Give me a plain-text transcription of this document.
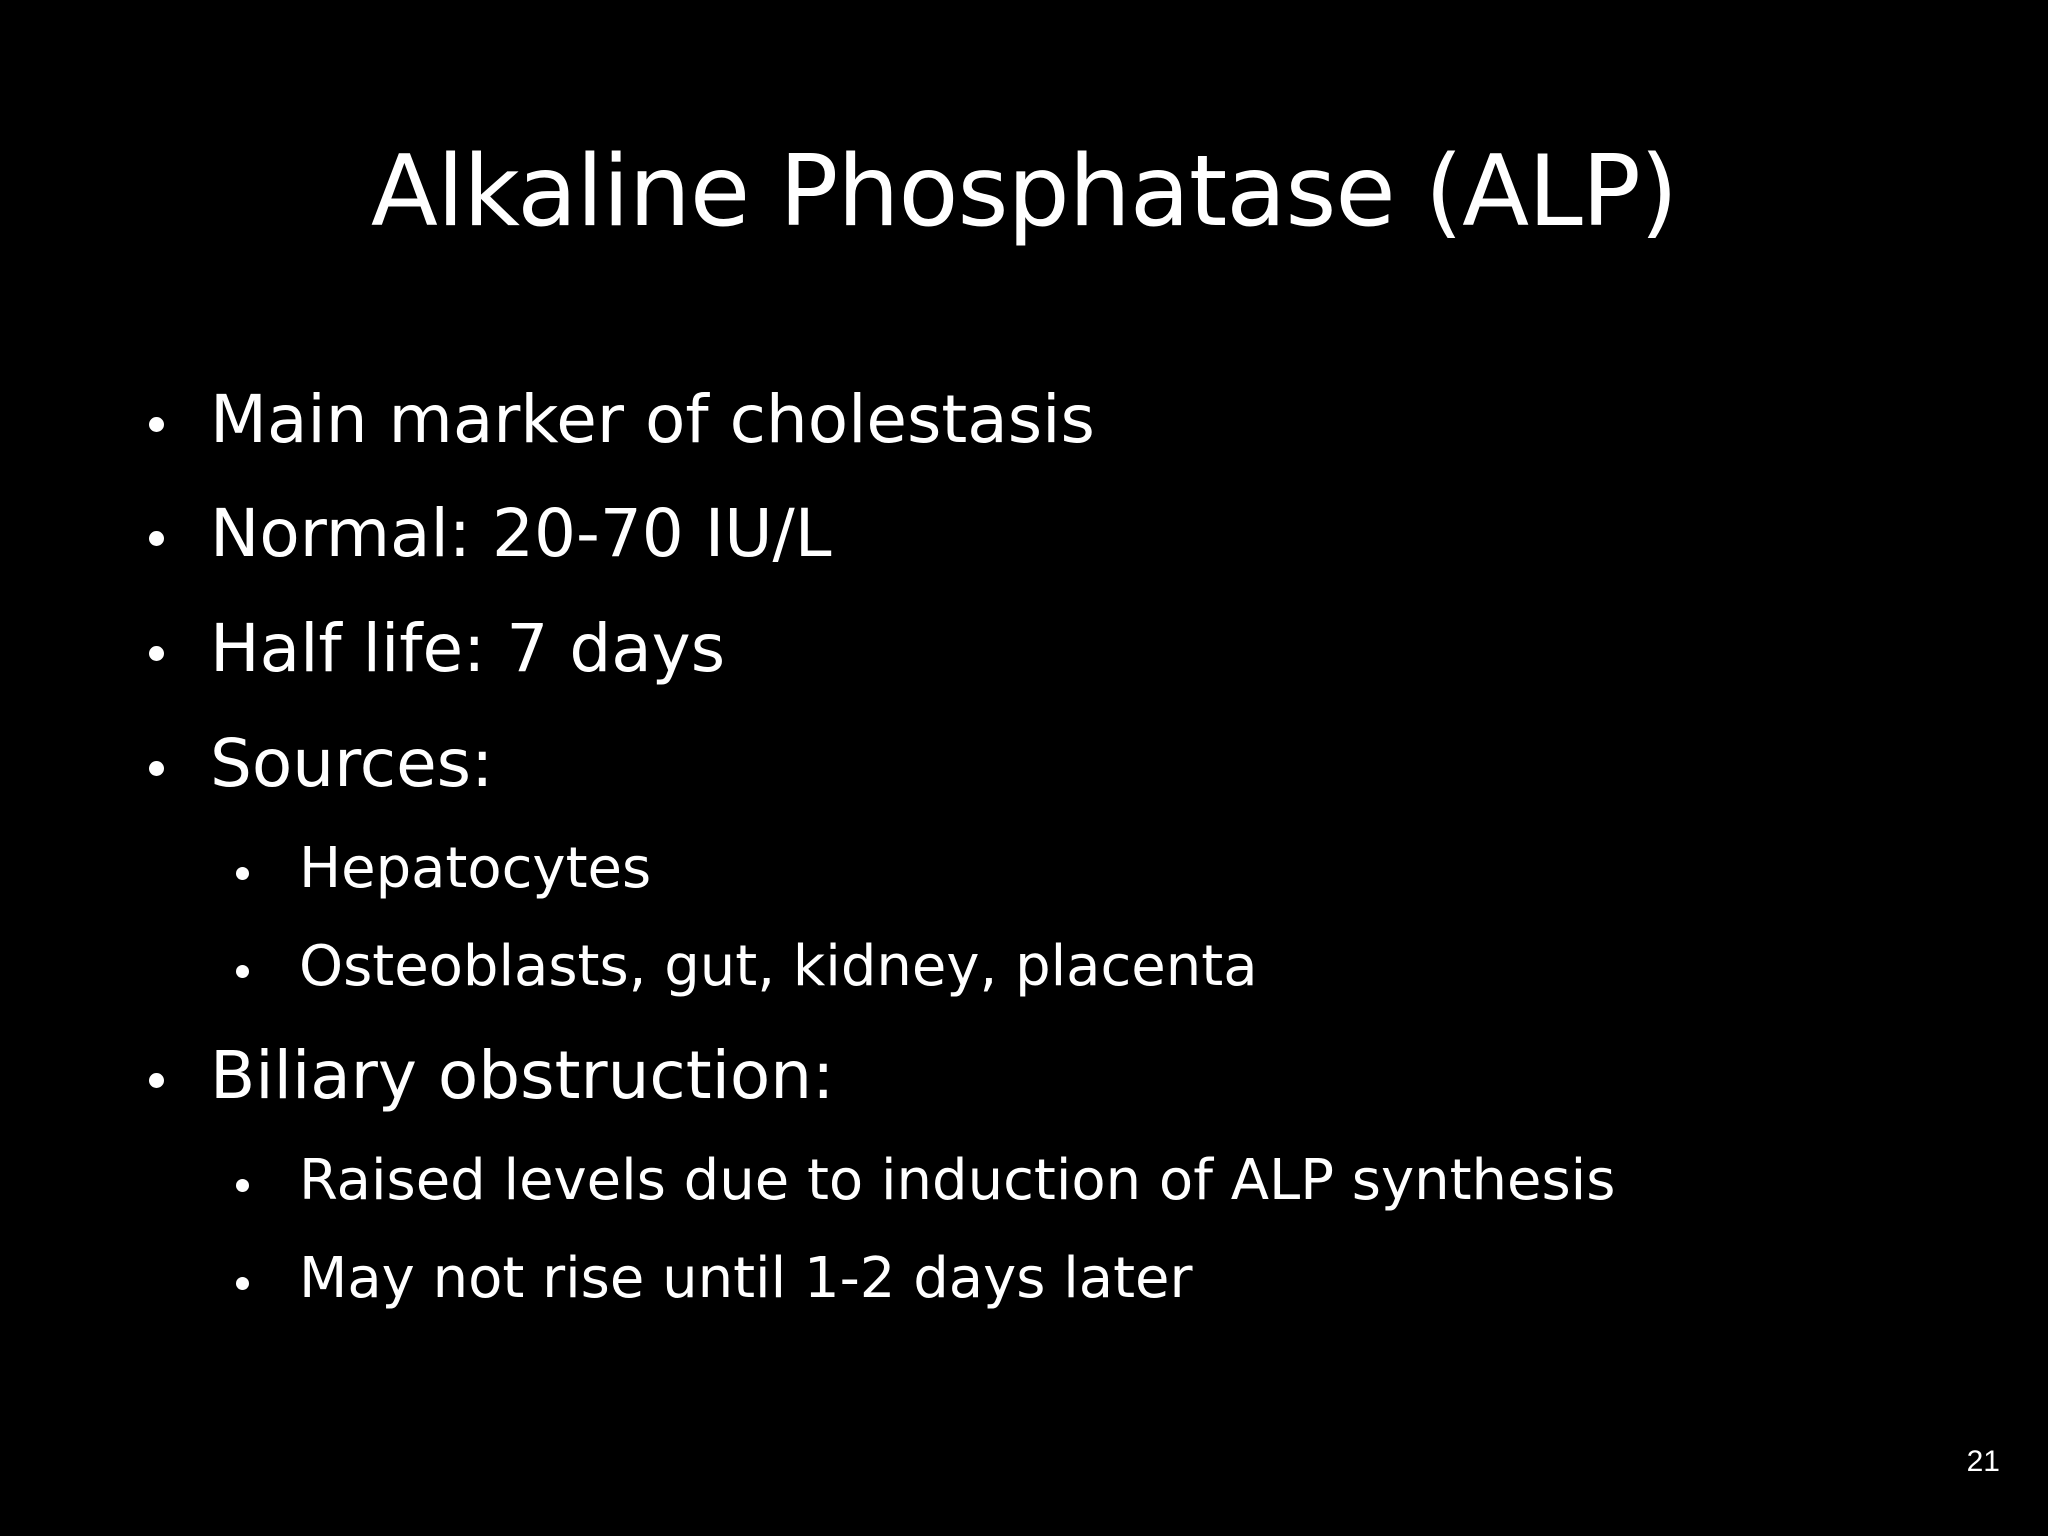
Alkaline Phosphatase (ALP)
Main marker of cholestasis
Normal: 20-70 IU/L
Half life: 7 days
Sources:
Hepatocytes
Osteoblasts, gut, kidney, placenta
Biliary obstruction:
Raised levels due to induction of ALP synthesis
May not rise until 1-2 days later
21
